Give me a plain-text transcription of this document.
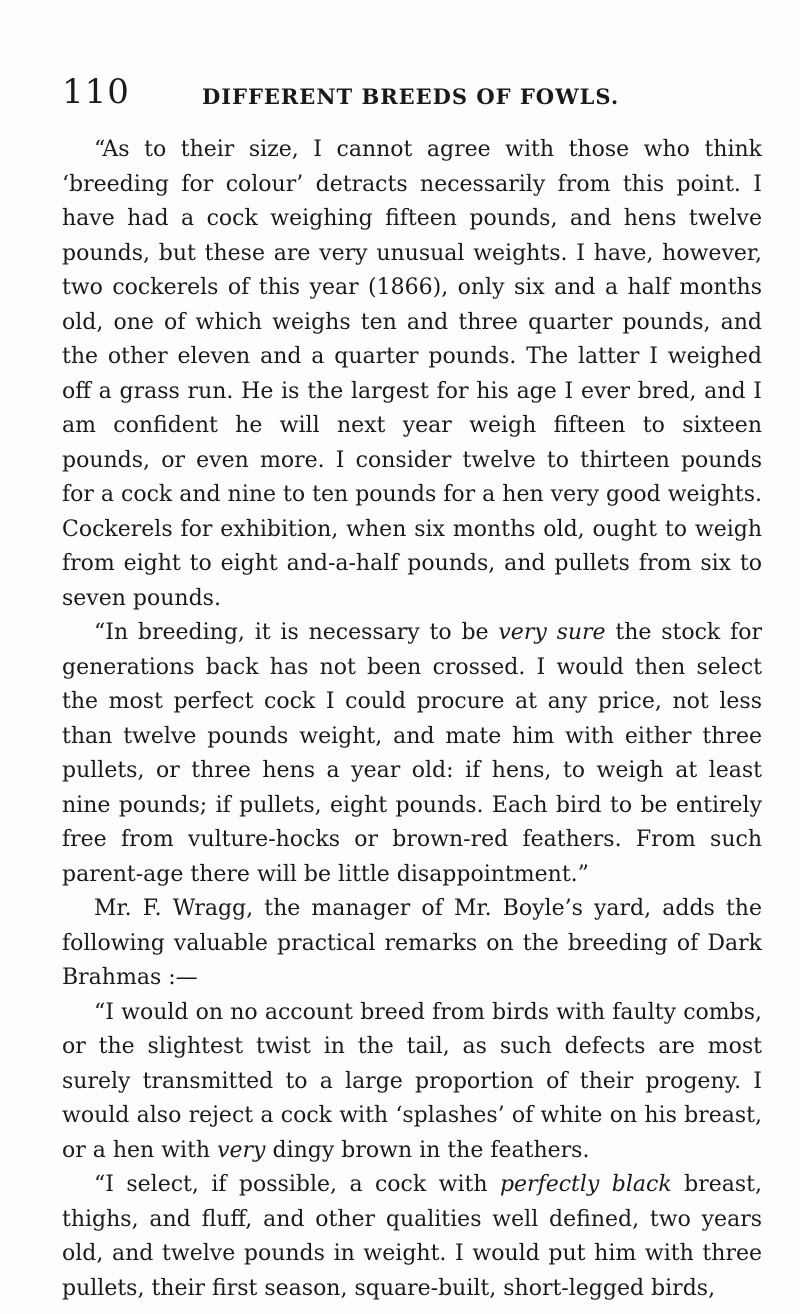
110	DIFFERENT BREEDS OF FOWLS.

“As to their size, I cannot agree with those who think ‘breeding for colour’ detracts necessarily from this point. I have had a cock weighing fifteen pounds, and hens twelve pounds, but these are very unusual weights. I have, however, two cockerels of this year (1866), only six and a half months old, one of which weighs ten and three quarter pounds, and the other eleven and a quarter pounds. The latter I weighed off a grass run. He is the largest for his age I ever bred, and I am confident he will next year weigh fifteen to sixteen pounds, or even more. I consider twelve to thirteen pounds for a cock and nine to ten pounds for a hen very good weights. Cockerels for exhibition, when six months old, ought to weigh from eight to eight and-a-half pounds, and pullets from six to seven pounds.

“In breeding, it is necessary to be very sure the stock for generations back has not been crossed. I would then select the most perfect cock I could procure at any price, not less than twelve pounds weight, and mate him with either three pullets, or three hens a year old: if hens, to weigh at least nine pounds; if pullets, eight pounds. Each bird to be entirely free from vulture-hocks or brown-red feathers. From such parent-age there will be little disappointment.”

Mr. F. Wragg, the manager of Mr. Boyle’s yard, adds the following valuable practical remarks on the breeding of Dark Brahmas :—

“I would on no account breed from birds with faulty combs, or the slightest twist in the tail, as such defects are most surely transmitted to a large proportion of their progeny. I would also reject a cock with ‘splashes’ of white on his breast, or a hen with very dingy brown in the feathers.

“I select, if possible, a cock with perfectly black breast, thighs, and fluff, and other qualities well defined, two years old, and twelve pounds in weight. I would put him with three pullets, their first season, square-built, short-legged birds,
